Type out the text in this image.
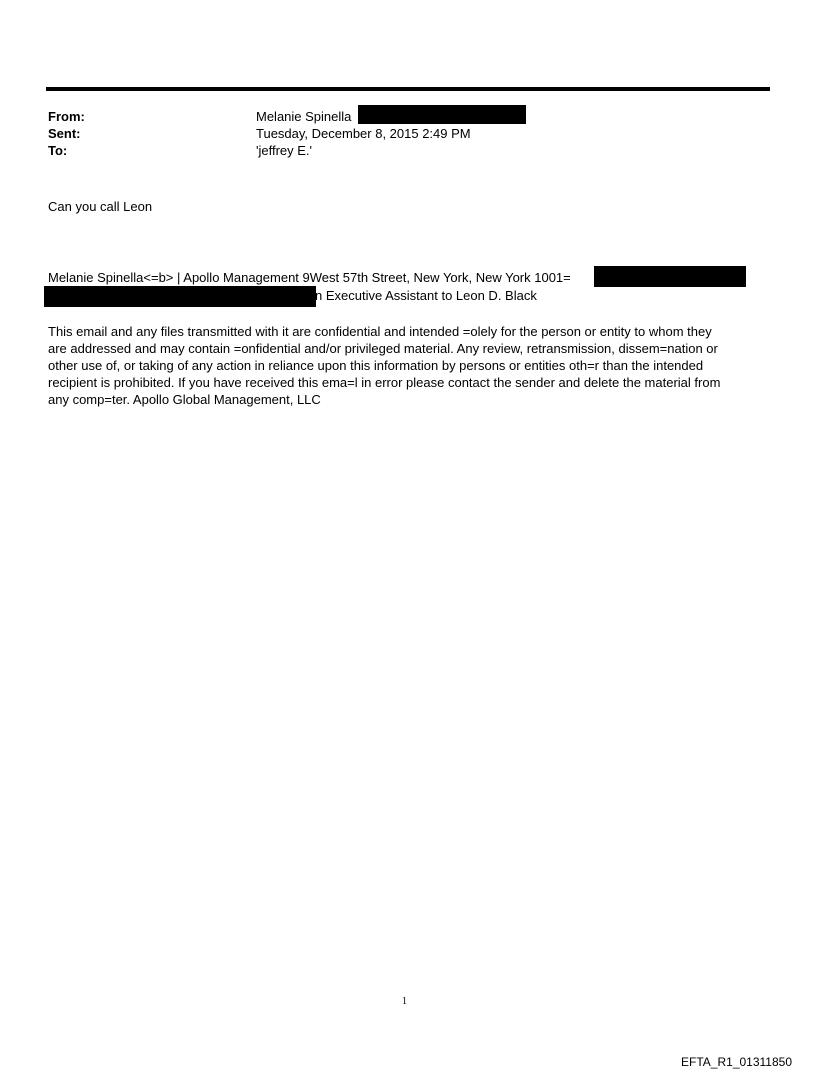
From:	Melanie Spinella
Sent:	Tuesday, December 8, 2015 2:49 PM
To:	'jeffrey E.'
Can you call Leon
Melanie Spinella<=b> | Apollo Management 9West 57th Street, New York, New York 1001=
n Executive Assistant to Leon D. Black
This email and any files transmitted with it are confidential and intended =olely for the person or entity to whom they
are addressed and may contain =onfidential and/or privileged material. Any review, retransmission, dissem=nation or
other use of, or taking of any action in reliance upon this information by persons or entities oth=r than the intended
recipient is prohibited. If you have received this ema=l in error please contact the sender and delete the material from
any comp=ter. Apollo Global Management, LLC
1
EFTA_R1_01311850
